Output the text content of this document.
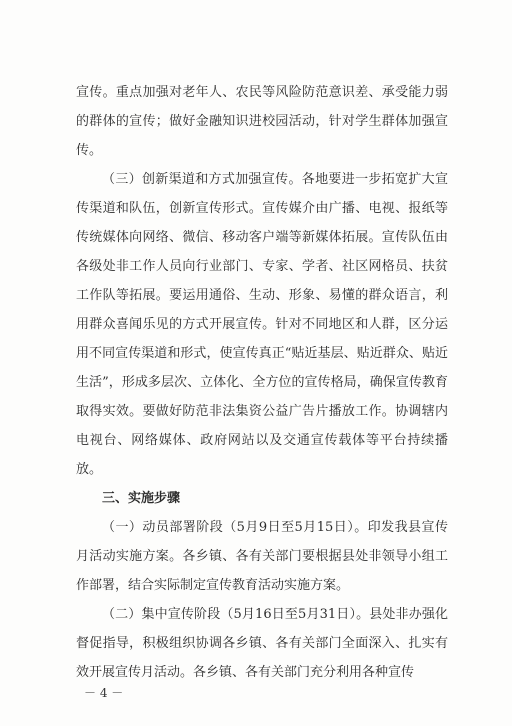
宣传。重点加强对老年人、农民等风险防范意识差、承受能力弱的群体的宣传；做好金融知识进校园活动，针对学生群体加强宣传。

（三）创新渠道和方式加强宣传。各地要进一步拓宽扩大宣传渠道和队伍，创新宣传形式。宣传媒介由广播、电视、报纸等传统媒体向网络、微信、移动客户端等新媒体拓展。宣传队伍由各级处非工作人员向行业部门、专家、学者、社区网格员、扶贫工作队等拓展。要运用通俗、生动、形象、易懂的群众语言，利用群众喜闻乐见的方式开展宣传。针对不同地区和人群，区分运用不同宣传渠道和形式，使宣传真正“贴近基层、贴近群众、贴近生活”，形成多层次、立体化、全方位的宣传格局，确保宣传教育取得实效。要做好防范非法集资公益广告片播放工作。协调辖内电视台、网络媒体、政府网站以及交通宣传载体等平台持续播放。

三、实施步骤

（一）动员部署阶段（5月9日至5月15日）。印发我县宣传月活动实施方案。各乡镇、各有关部门要根据县处非领导小组工作部署，结合实际制定宣传教育活动实施方案。

（二）集中宣传阶段（5月16日至5月31日）。县处非办强化督促指导，积极组织协调各乡镇、各有关部门全面深入、扎实有效开展宣传月活动。各乡镇、各有关部门充分利用各种宣传

－ 4 －
